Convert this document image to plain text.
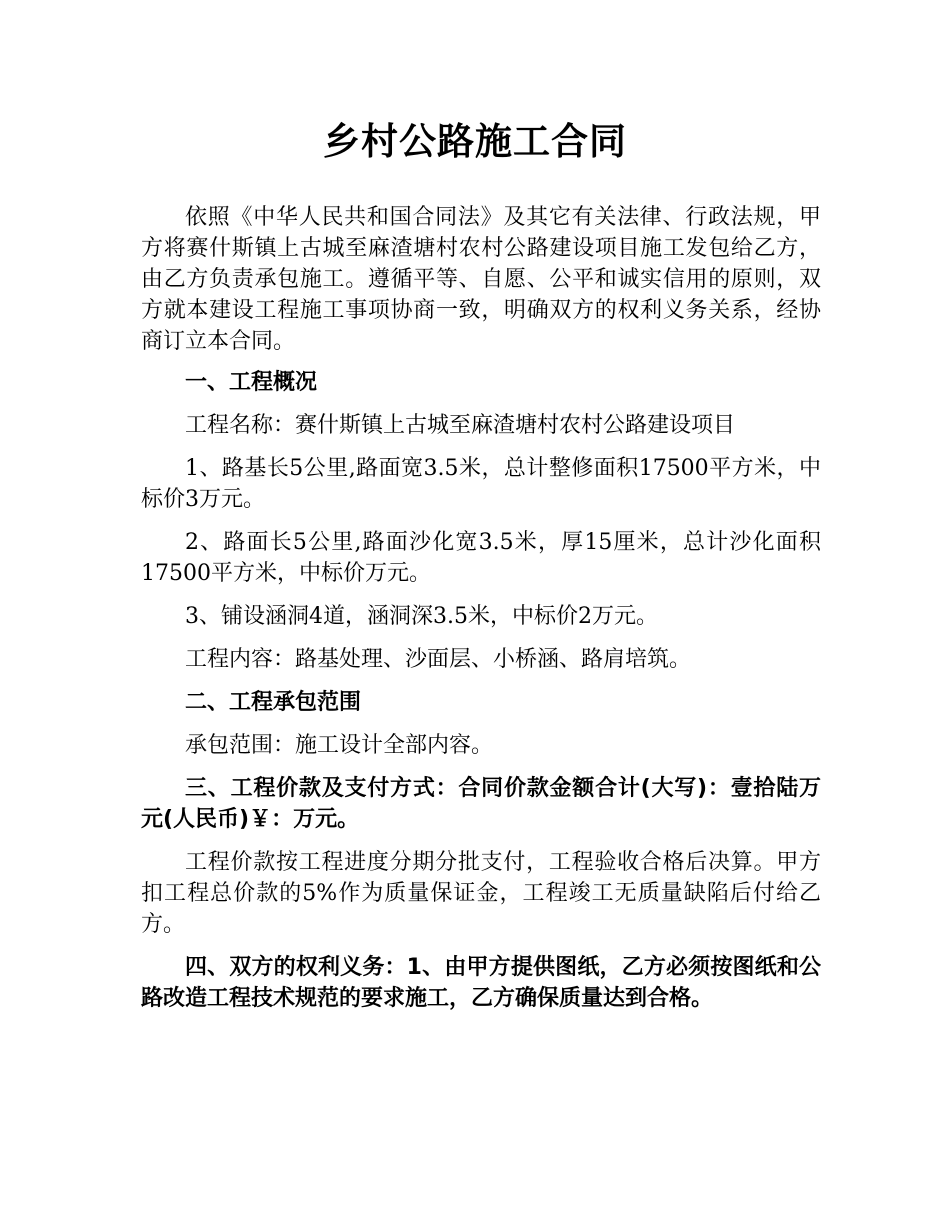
乡村公路施工合同

依照《中华人民共和国合同法》及其它有关法律、行政法规，甲方将赛什斯镇上古城至麻渣塘村农村公路建设项目施工发包给乙方，由乙方负责承包施工。遵循平等、自愿、公平和诚实信用的原则，双方就本建设工程施工事项协商一致，明确双方的权利义务关系，经协商订立本合同。

一、工程概况

工程名称：赛什斯镇上古城至麻渣塘村农村公路建设项目

1、路基长5公里,路面宽3.5米，总计整修面积17500平方米，中标价3万元。

2、路面长5公里,路面沙化宽3.5米，厚15厘米，总计沙化面积17500平方米，中标价万元。

3、铺设涵洞4道，涵洞深3.5米，中标价2万元。

工程内容：路基处理、沙面层、小桥涵、路肩培筑。

二、工程承包范围

承包范围：施工设计全部内容。

三、工程价款及支付方式：合同价款金额合计(大写)：壹拾陆万元(人民币)￥：万元。

工程价款按工程进度分期分批支付，工程验收合格后决算。甲方扣工程总价款的5%作为质量保证金，工程竣工无质量缺陷后付给乙方。

四、双方的权利义务：1、由甲方提供图纸，乙方必须按图纸和公路改造工程技术规范的要求施工，乙方确保质量达到合格。
